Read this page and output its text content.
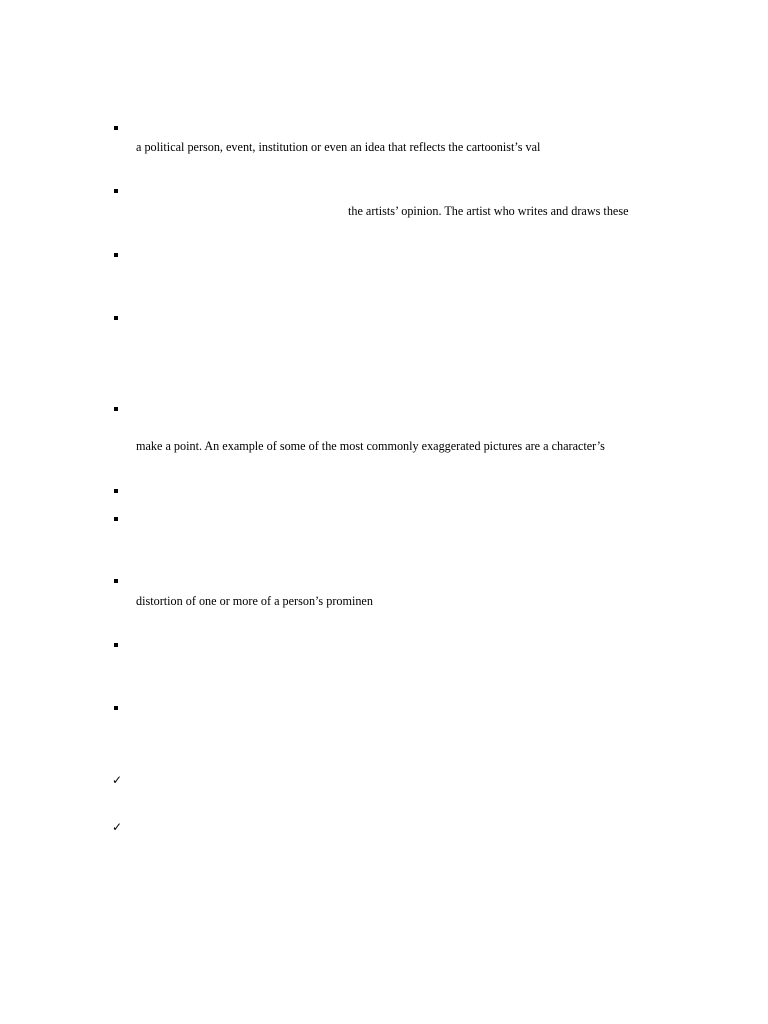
a political person, event, institution or even an idea that reflects the cartoonist’s val
the artists’ opinion. The artist who writes and draws these
make a point. An example of some of the most commonly exaggerated pictures are a character’s
distortion of one or more of a person’s prominen
✓
✓
